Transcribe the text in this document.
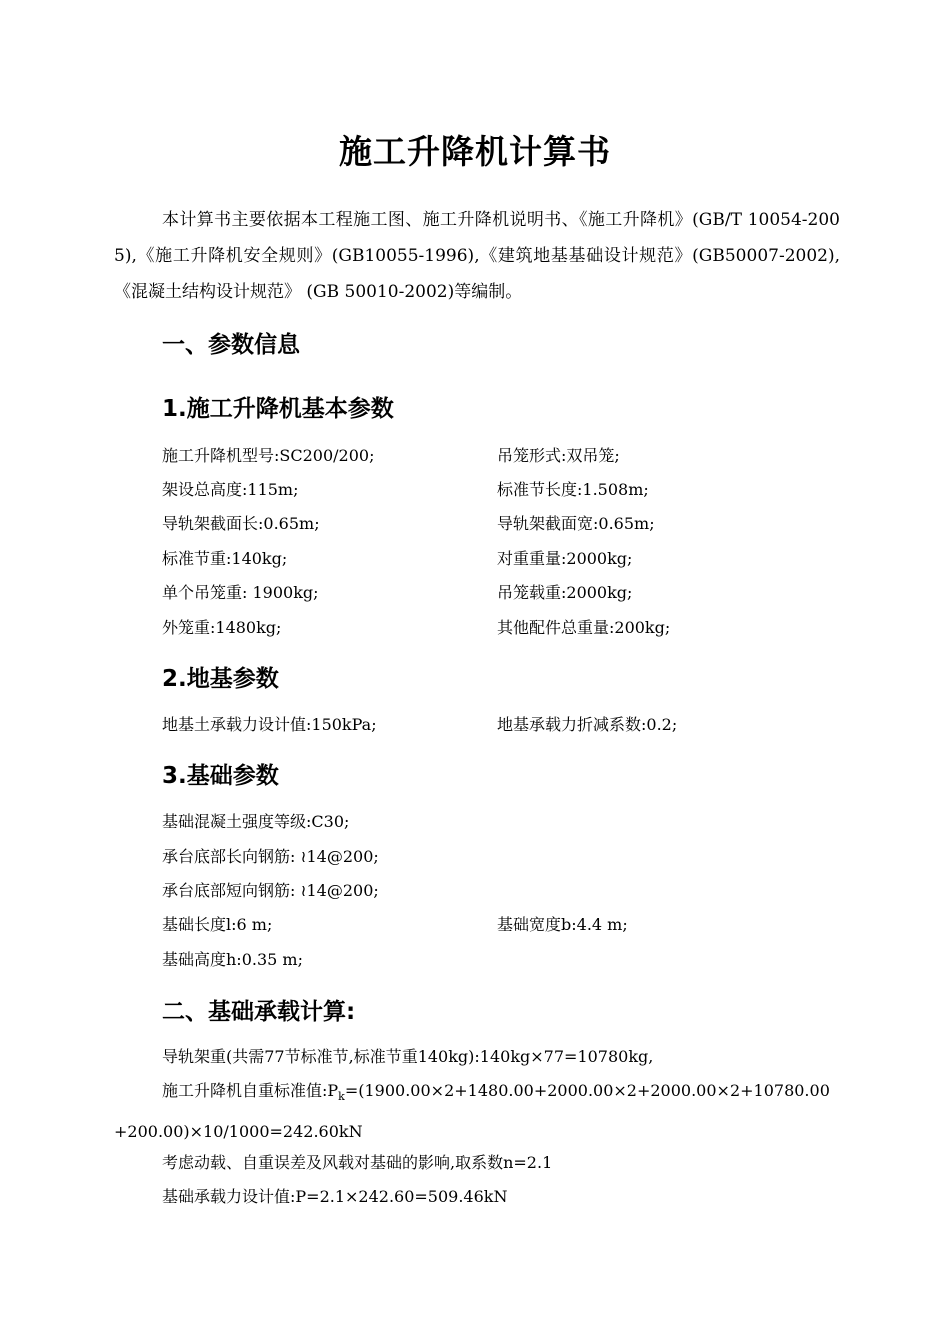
施工升降机计算书
本计算书主要依据本工程施工图、施工升降机说明书、《施工升降机》(GB/T 10054-2005),《施工升降机安全规则》(GB10055-1996),《建筑地基基础设计规范》(GB50007-2002), 《混凝土结构设计规范》 (GB 50010-2002)等编制。
一、参数信息
1.施工升降机基本参数
施工升降机型号:SC200/200;	吊笼形式:双吊笼;
架设总高度:115m;	标准节长度:1.508m;
导轨架截面长:0.65m;	导轨架截面宽:0.65m;
标准节重:140kg;	对重重量:2000kg;
单个吊笼重: 1900kg;	吊笼载重:2000kg;
外笼重:1480kg;	其他配件总重量:200kg;
2.地基参数
地基土承载力设计值:150kPa;	地基承载力折减系数:0.2;
3.基础参数
基础混凝土强度等级:C30;
承台底部长向钢筋: ≀14@200;
承台底部短向钢筋: ≀14@200;
基础长度l:6 m;	基础宽度b:4.4 m;
基础高度h:0.35 m;
二、基础承载计算:
导轨架重(共需77节标准节,标准节重140kg):140kg×77=10780kg,
施工升降机自重标准值$:P_k=(1900.00\times 2+1480.00+2000.00\times 2+2000.00\times 2+10780.00+200.00)\times 10/1000=242.60kN$
考虑动载、自重误差及风载对基础的影响,取系数n=2.1
基础承载力设计值:P=2.1×242.60=509.46kN
